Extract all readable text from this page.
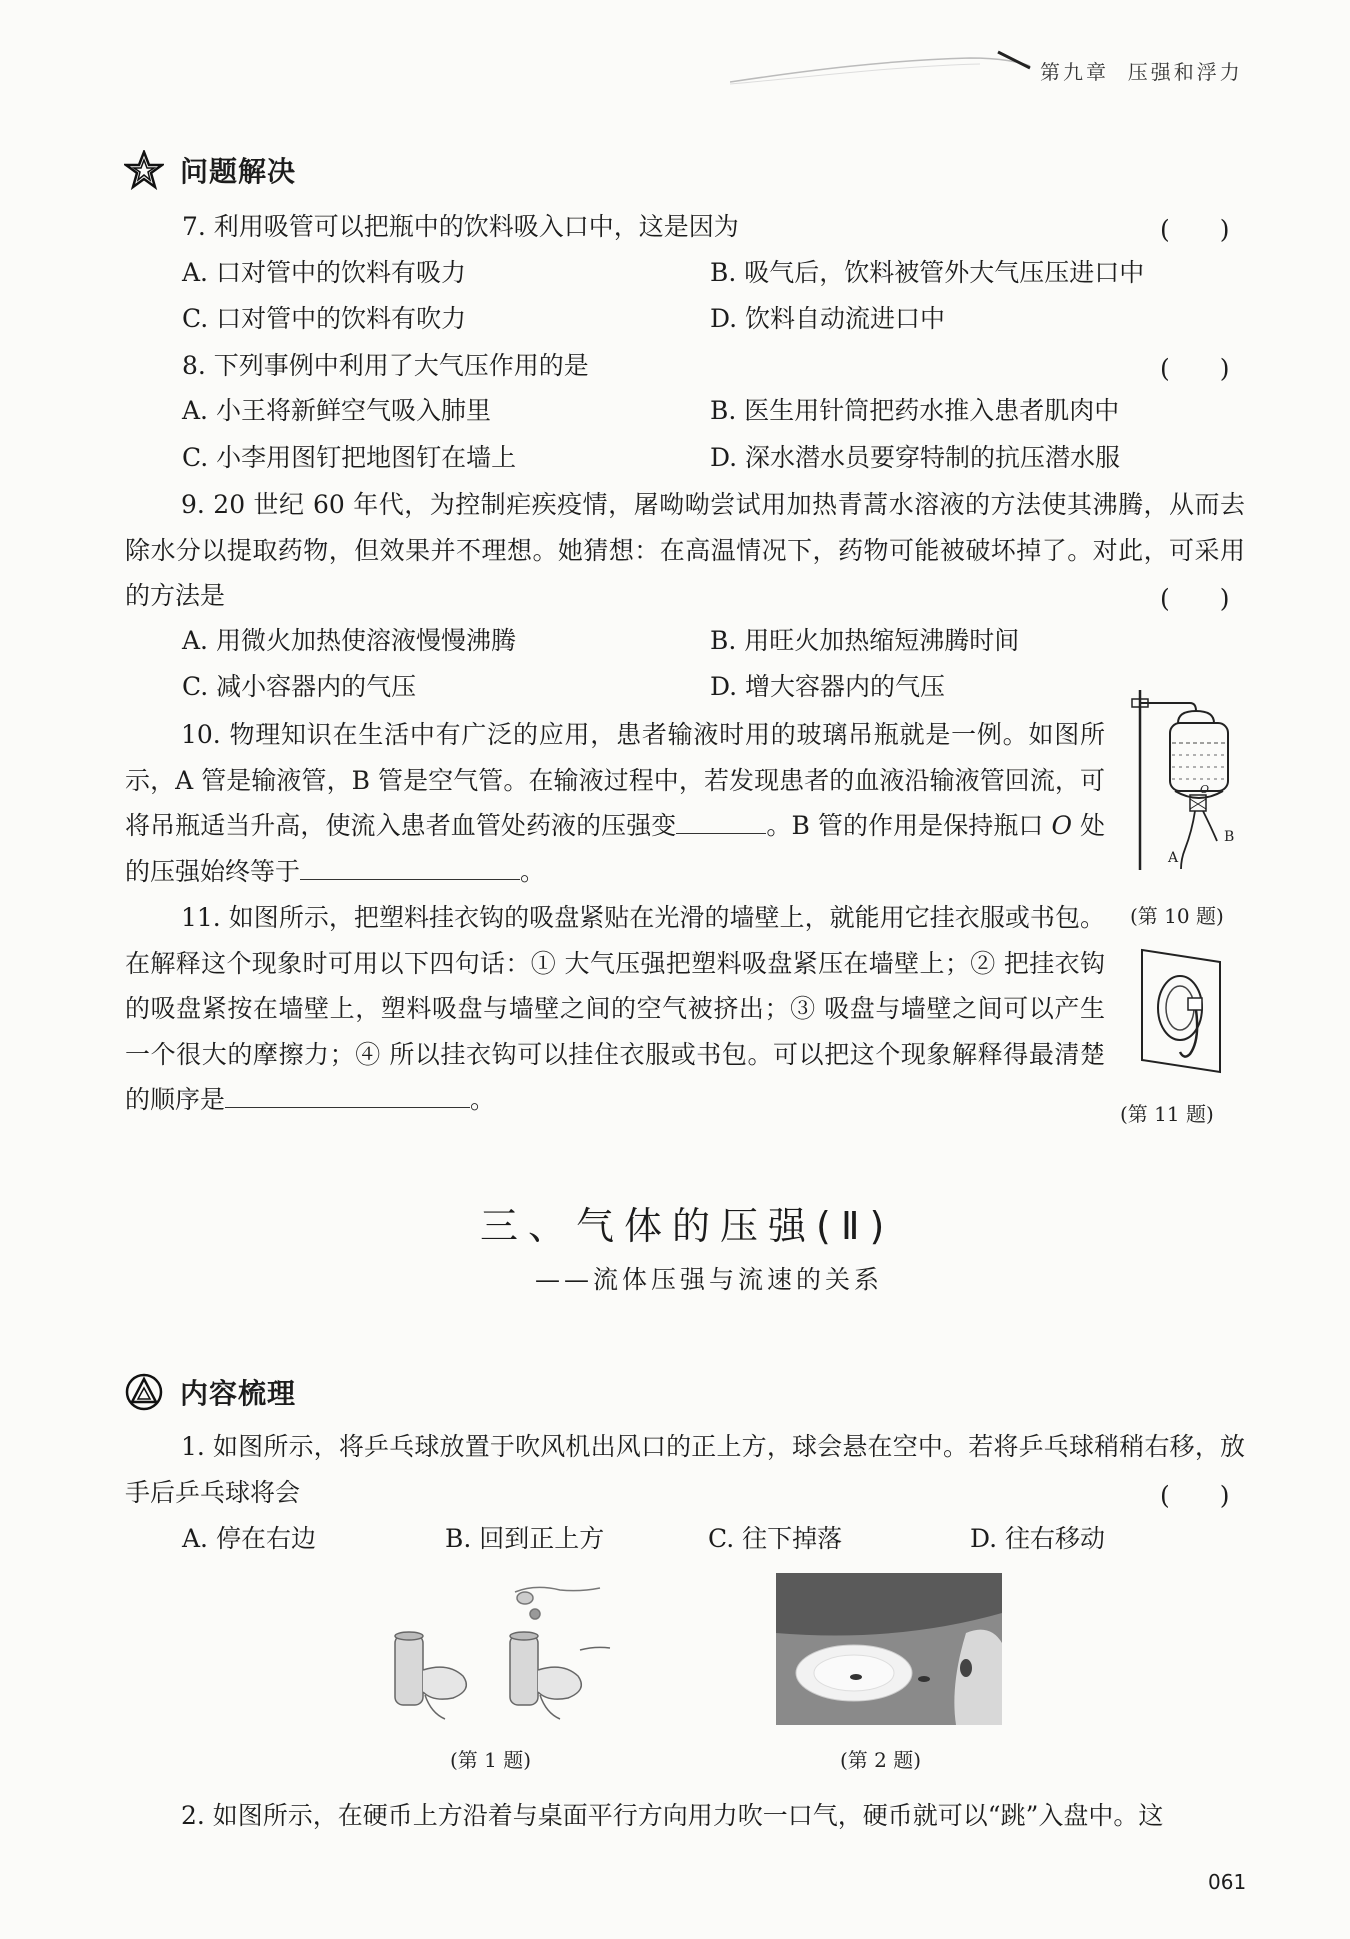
第九章 压强和浮力
问题解决
7. 利用吸管可以把瓶中的饮料吸入口中，这是因为	(　　)
A. 口对管中的饮料有吸力	B. 吸气后，饮料被管外大气压压进口中
C. 口对管中的饮料有吹力	D. 饮料自动流进口中
8. 下列事例中利用了大气压作用的是	(　　)
A. 小王将新鲜空气吸入肺里	B. 医生用针筒把药水推入患者肌肉中
C. 小李用图钉把地图钉在墙上	D. 深水潜水员要穿特制的抗压潜水服
9. 20 世纪 60 年代，为控制疟疾疫情，屠呦呦尝试用加热青蒿水溶液的方法使其沸腾，从而去除水分以提取药物，但效果并不理想。她猜想：在高温情况下，药物可能被破坏掉了。对此，可采用的方法是	(　　)
A. 用微火加热使溶液慢慢沸腾	B. 用旺火加热缩短沸腾时间
C. 减小容器内的气压	D. 增大容器内的气压
10. 物理知识在生活中有广泛的应用，患者输液时用的玻璃吊瓶就是一例。如图所示，A 管是输液管，B 管是空气管。在输液过程中，若发现患者的血液沿输液管回流，可将吊瓶适当升高，使流入患者血管处药液的压强变	。B 管的作用是保持瓶口 O 处的压强始终等于	。
O
B
A
(第 10 题)
11. 如图所示，把塑料挂衣钩的吸盘紧贴在光滑的墙壁上，就能用它挂衣服或书包。在解释这个现象时可用以下四句话：① 大气压强把塑料吸盘紧压在墙壁上；② 把挂衣钩的吸盘紧按在墙壁上，塑料吸盘与墙壁之间的空气被挤出；③ 吸盘与墙壁之间可以产生一个很大的摩擦力；④ 所以挂衣钩可以挂住衣服或书包。可以把这个现象解释得最清楚的顺序是	。	(第 11 题)
三、气体的压强(Ⅱ)
——流体压强与流速的关系
内容梳理
1. 如图所示，将乒乓球放置于吹风机出风口的正上方，球会悬在空中。若将乒乓球稍稍右移，放手后乒乓球将会	(　　)
A. 停在右边	B. 回到正上方	C. 往下掉落	D. 往右移动
(第 1 题)	(第 2 题)
2. 如图所示，在硬币上方沿着与桌面平行方向用力吹一口气，硬币就可以“跳”入盘中。这
061
